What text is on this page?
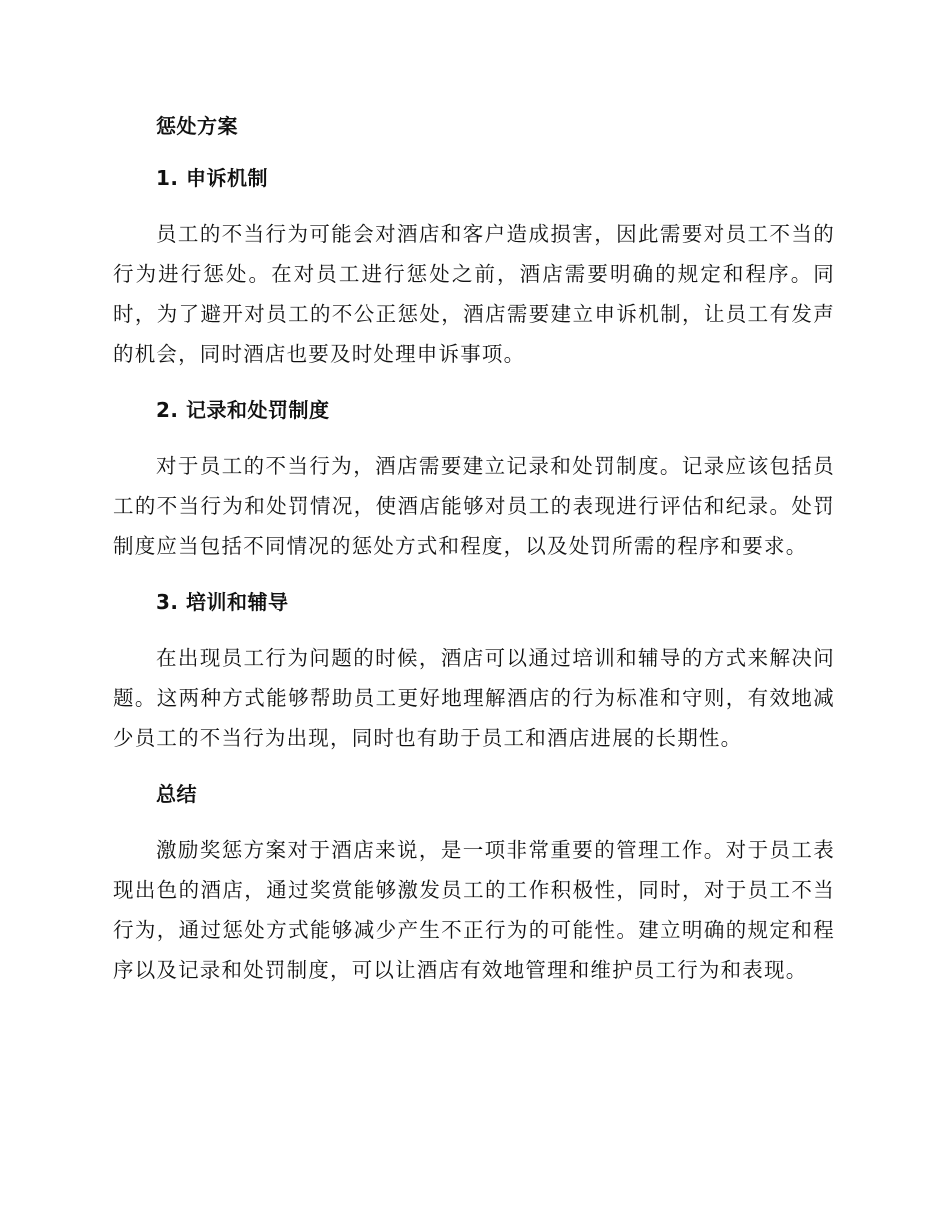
惩处方案
1. 申诉机制

员工的不当行为可能会对酒店和客户造成损害，因此需要对员工不当的行为进行惩处。在对员工进行惩处之前，酒店需要明确的规定和程序。同时，为了避开对员工的不公正惩处，酒店需要建立申诉机制，让员工有发声的机会，同时酒店也要及时处理申诉事项。

2. 记录和处罚制度

对于员工的不当行为，酒店需要建立记录和处罚制度。记录应该包括员工的不当行为和处罚情况，使酒店能够对员工的表现进行评估和纪录。处罚制度应当包括不同情况的惩处方式和程度，以及处罚所需的程序和要求。

3. 培训和辅导

在出现员工行为问题的时候，酒店可以通过培训和辅导的方式来解决问题。这两种方式能够帮助员工更好地理解酒店的行为标准和守则，有效地减少员工的不当行为出现，同时也有助于员工和酒店进展的长期性。

总结

激励奖惩方案对于酒店来说，是一项非常重要的管理工作。对于员工表现出色的酒店，通过奖赏能够激发员工的工作积极性，同时，对于员工不当行为，通过惩处方式能够减少产生不正行为的可能性。建立明确的规定和程序以及记录和处罚制度，可以让酒店有效地管理和维护员工行为和表现。
